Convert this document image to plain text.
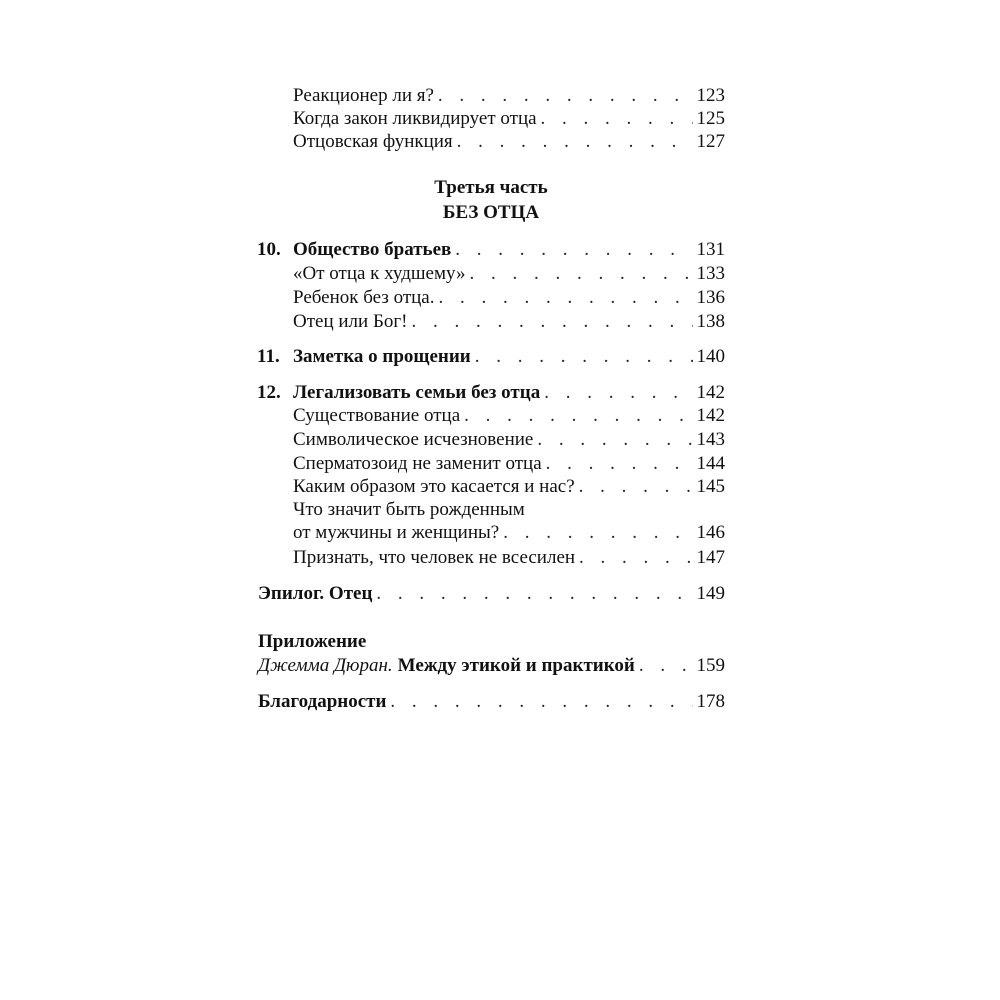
Реакционер ли я? . . .	123
Когда закон ликвидирует отца . . .	125
Отцовская функция . . .	127
Третья часть
БЕЗ ОТЦА
10. Общество братьев . . .	131
«От отца к худшему» . . .	133
Ребенок без отца. . . .	136
Отец или Бог! . . .	138
11. Заметка о прощении . . .	140
12. Легализовать семьи без отца . . .	142
Существование отца . . .	142
Символическое исчезновение . . .	143
Сперматозоид не заменит отца . . .	144
Каким образом это касается и нас? . . .	145
Что значит быть рожденным
от мужчины и женщины? . . .	146
Признать, что человек не всесилен . . .	147
Эпилог. Отец . . .	149
Приложение
Джемма Дюран. Между этикой и практикой . . .	159
Благодарности . . .	178
